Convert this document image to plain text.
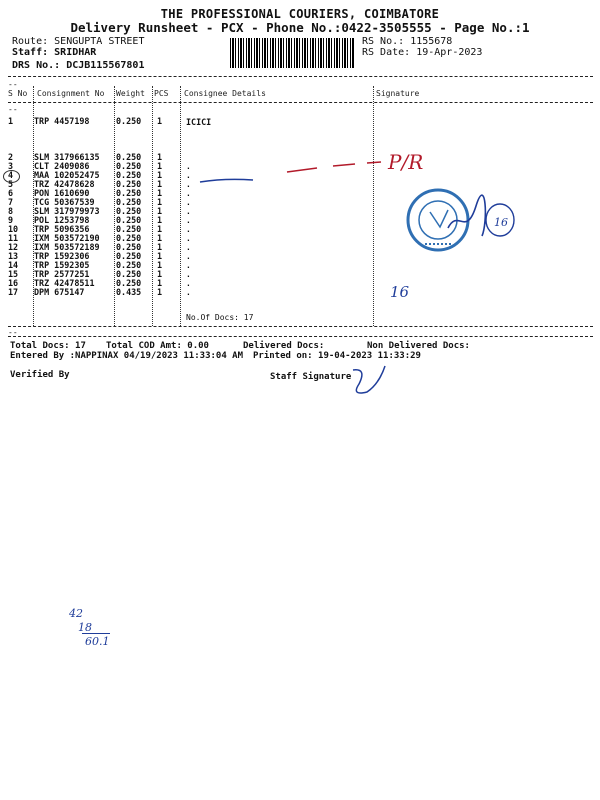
THE PROFESSIONAL COURIERS, COIMBATORE
Delivery Runsheet - PCX - Phone No.:0422-3505555 - Page No.:1
Route: SENGUPTA STREET
Staff: SRIDHAR
DRS No.: DCJB115567801
RS No.: 1155678
RS Date: 19-Apr-2023
--
--
--
S No Consignment No Weight PCS Consignee Details	Signature
1 TRP 4457198	0.250 1	ICICI
2 SLM 317966135 0.250 1
3 CLT 2409086	0.250 1	.
4 MAA 102052475 0.250 1	.
5 TRZ 42478628	0.250 1	.
6 PON 1610690	0.250 1	.
7 TCG 50367539	0.250 1	.
8 SLM 317979973 0.250 1	.
9 POL 1253798	0.250 1	.
10 TRP 5096356	0.250 1	.
11 IXM 503572190 0.250 1	.
12 IXM 503572189 0.250 1	.
13 TRP 1592306	0.250 1	.
14 TRP 1592305	0.250 1	.
15 TRP 2577251	0.250 1	.
16 TRZ 42478511	0.250 1	.
17 DPM 675147	0.435 1	.
No.Of Docs: 17
Total Docs: 17 Total COD Amt: 0.00	Delivered Docs:	Non Delivered Docs:
Entered By :NAPPINAX 04/19/2023 11:33:04 AM Printed on: 19-04-2023 11:33:29
Verified By	Staff Signature
P/R
16
16
42
18
60.1
